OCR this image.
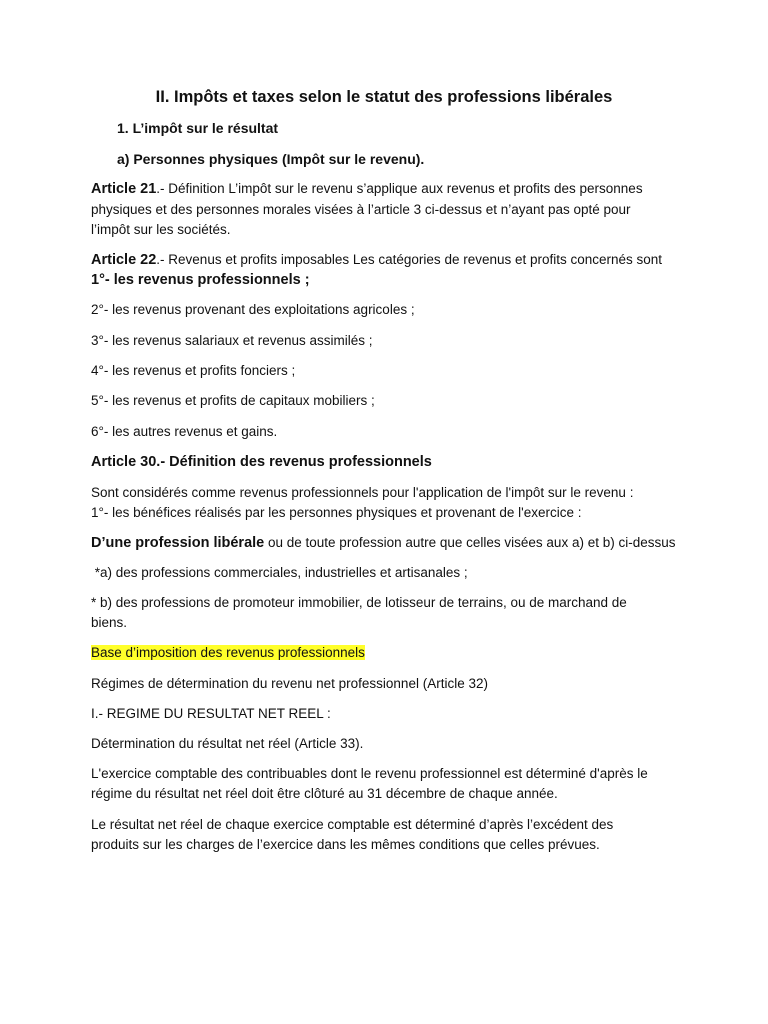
II. Impôts et taxes selon le statut des professions libérales
1. L’impôt sur le résultat
a) Personnes physiques (Impôt sur le revenu).
Article 21.- Définition L’impôt sur le revenu s’applique aux revenus et profits des personnes
physiques et des personnes morales visées à l’article 3 ci-dessus et n’ayant pas opté pour
l’impôt sur les sociétés.
Article 22.- Revenus et profits imposables Les catégories de revenus et profits concernés sont
1°- les revenus professionnels ;
2°- les revenus provenant des exploitations agricoles ;
3°- les revenus salariaux et revenus assimilés ;
4°- les revenus et profits fonciers ;
5°- les revenus et profits de capitaux mobiliers ;
6°- les autres revenus et gains.
Article 30.- Définition des revenus professionnels
Sont considérés comme revenus professionnels pour l'application de l'impôt sur le revenu :
1°- les bénéfices réalisés par les personnes physiques et provenant de l'exercice :
D’une profession libérale ou de toute profession autre que celles visées aux a) et b) ci-dessus
*a) des professions commerciales, industrielles et artisanales ;
* b) des professions de promoteur immobilier, de lotisseur de terrains, ou de marchand de
biens.
Base d’imposition des revenus professionnels
Régimes de détermination du revenu net professionnel (Article 32)
I.- REGIME DU RESULTAT NET REEL :
Détermination du résultat net réel (Article 33).
L'exercice comptable des contribuables dont le revenu professionnel est déterminé d'après le
régime du résultat net réel doit être clôturé au 31 décembre de chaque année.
Le résultat net réel de chaque exercice comptable est déterminé d’après l’excédent des
produits sur les charges de l’exercice dans les mêmes conditions que celles prévues.
